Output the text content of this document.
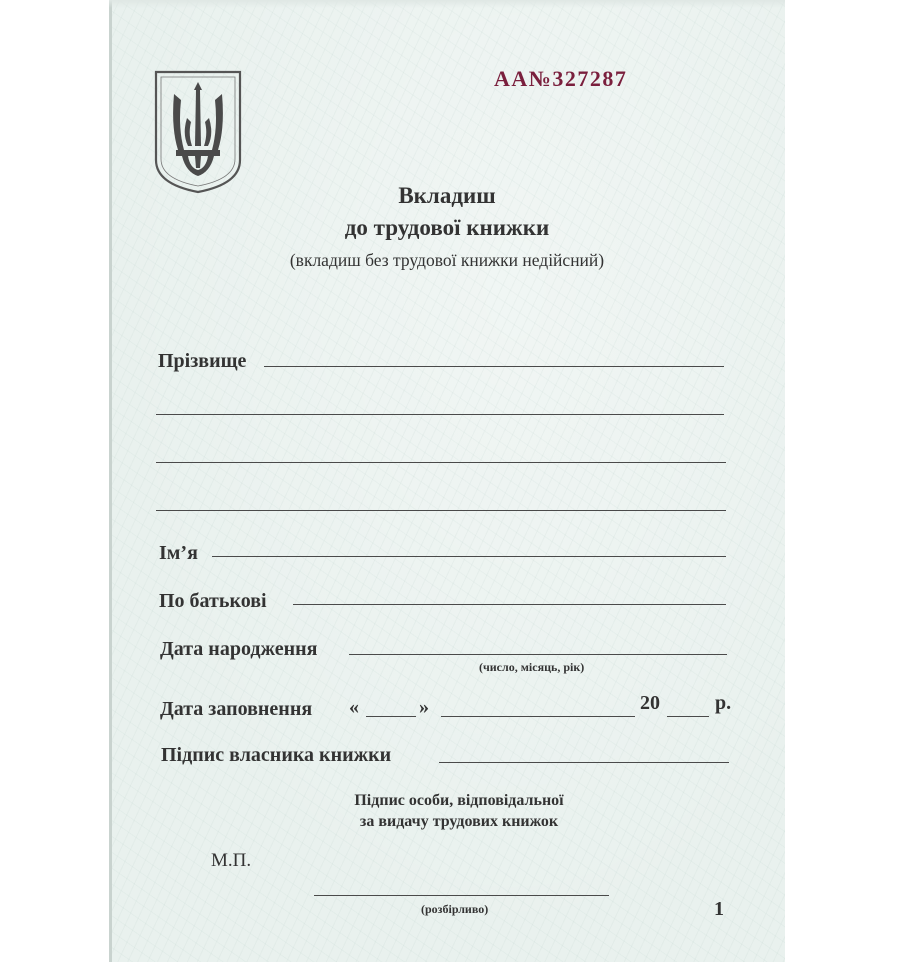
АА№327287
Вкладиш
до трудової книжки
(вкладиш без трудової книжки недійсний)
Прізвище
Ім’я
По батькові
Дата народження
(число, місяць, рік)
Дата заповнення «	»	20	р.
Підпис власника книжки
Підпис особи, відповідальної
за видачу трудових книжок
М.П.
(розбірливо)	1
